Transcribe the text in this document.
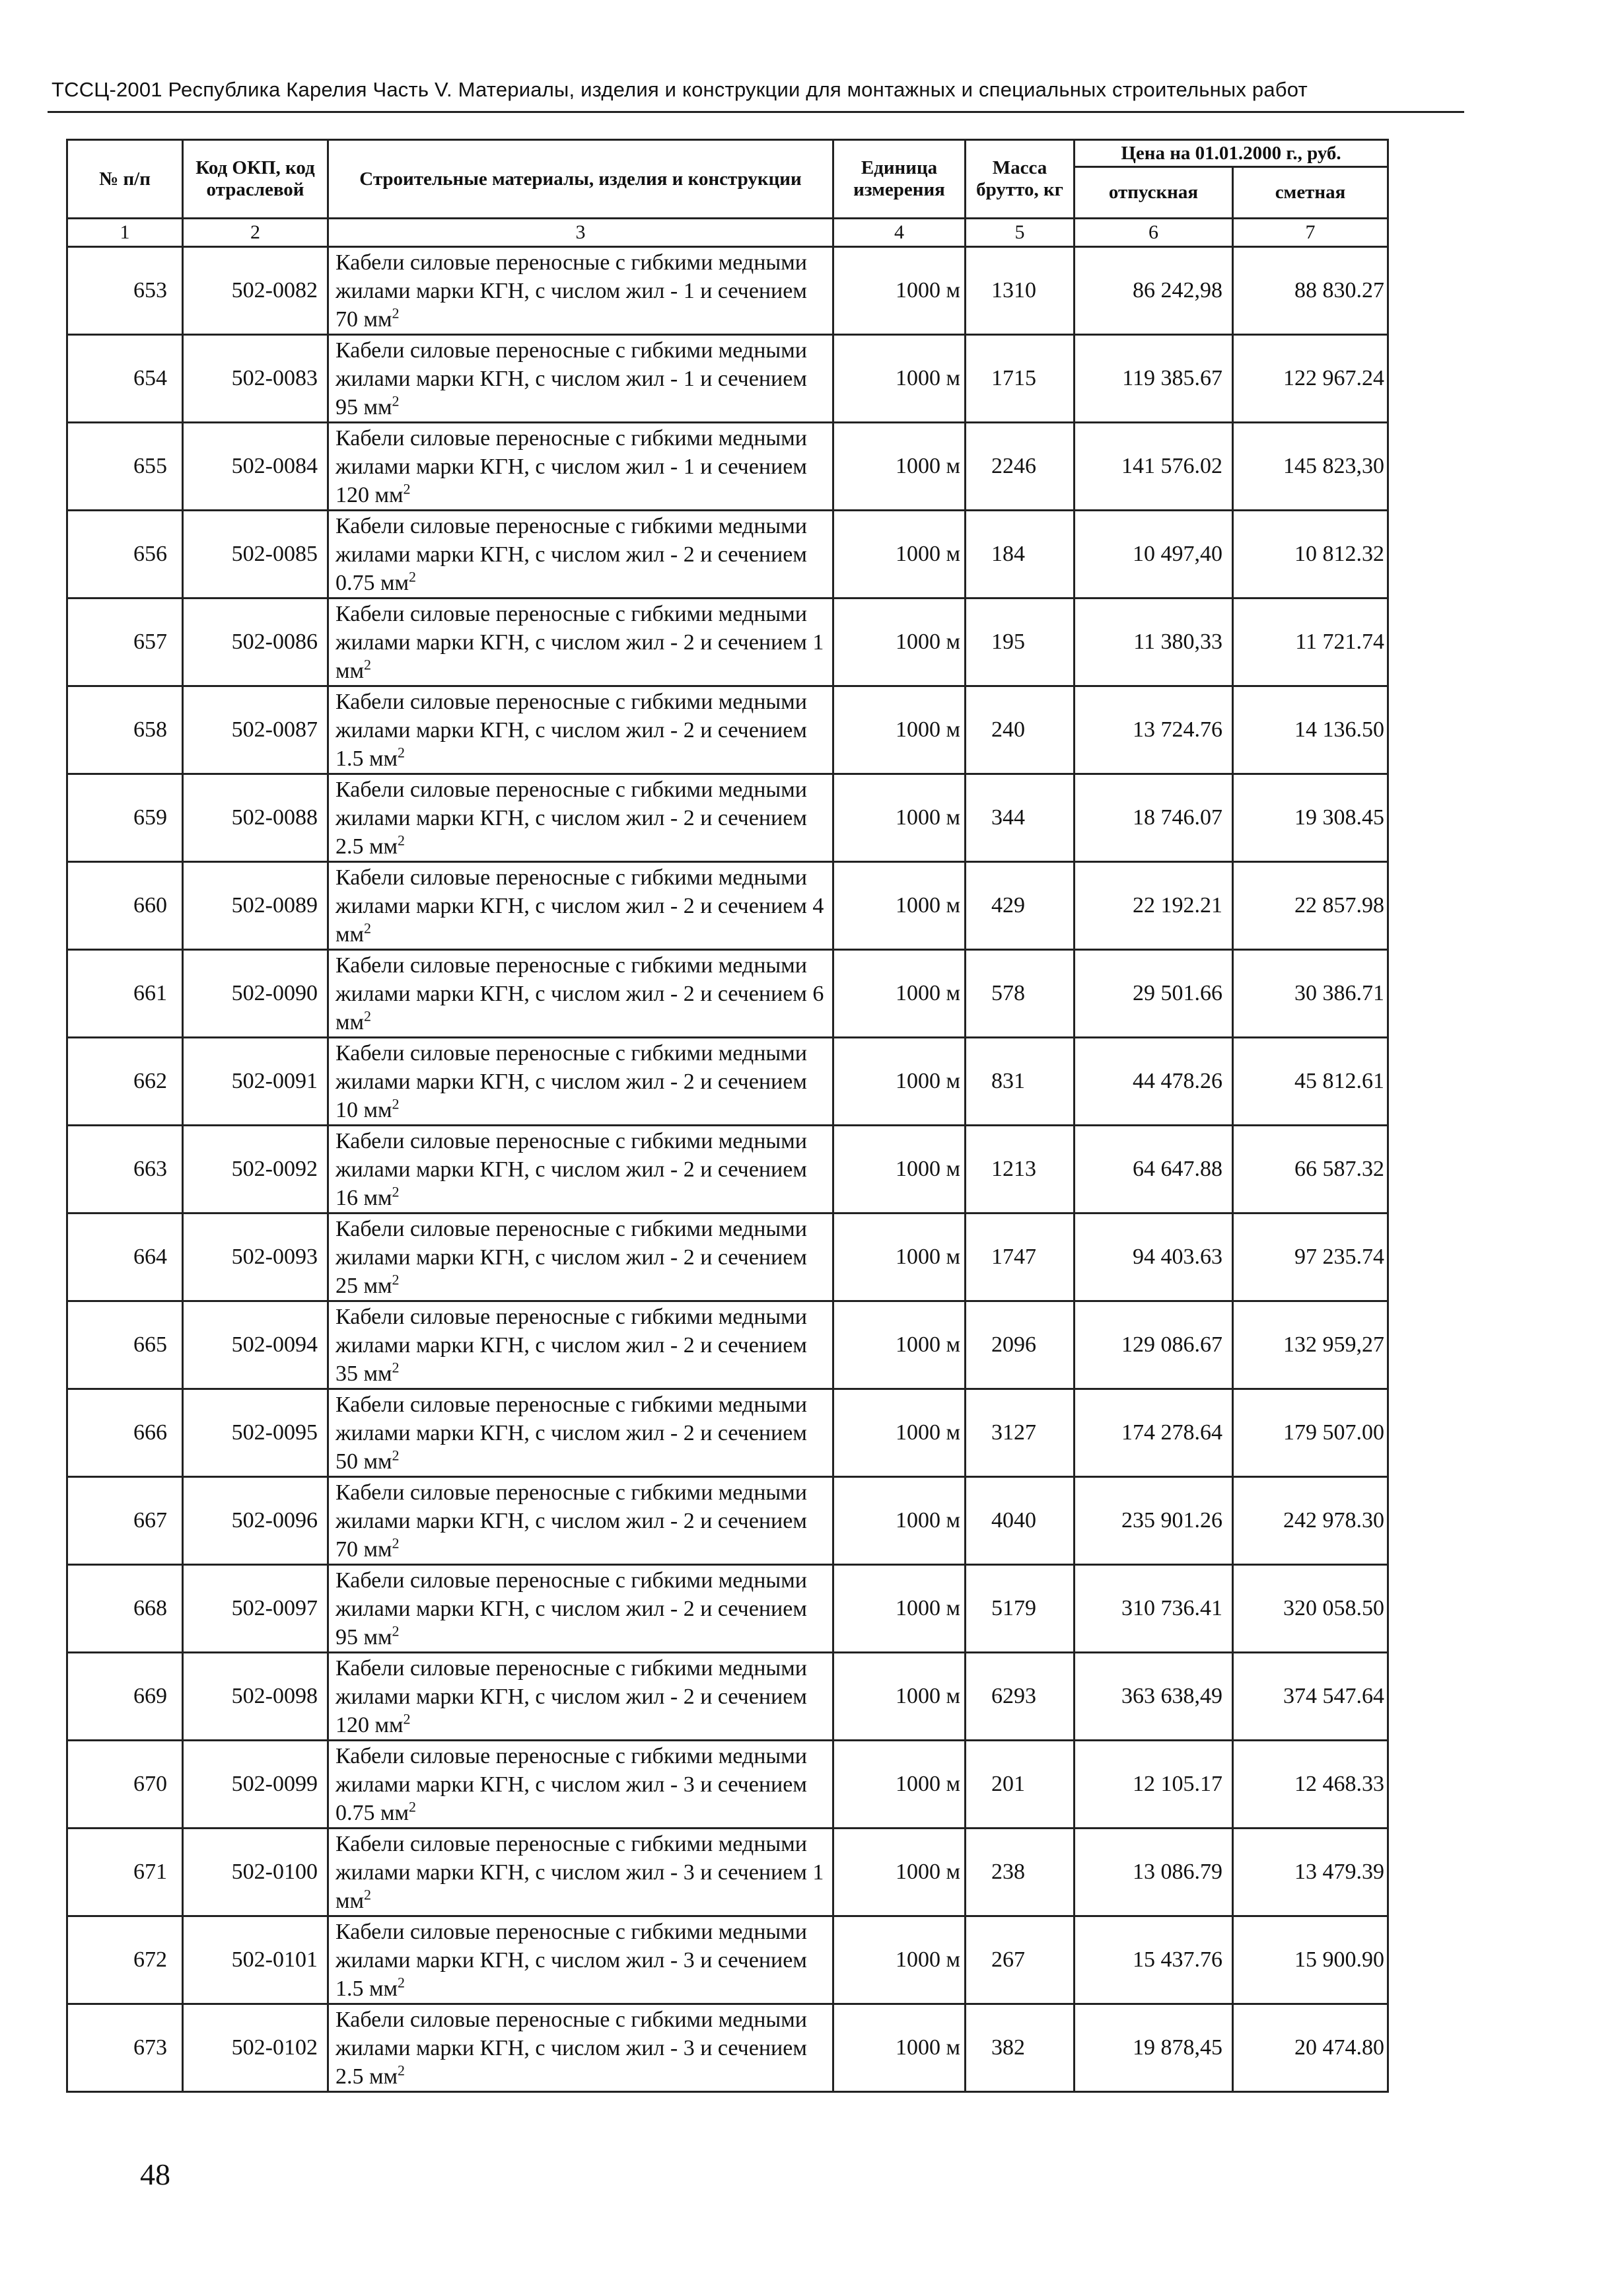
ТССЦ-2001 Республика Карелия Часть V. Материалы, изделия и конструкции для монтажных и специальных строительных работ
№ п/п	Код ОКП, код отраслевой	Строительные материалы, изделия и конструкции	Единица измерения	Масса брутто, кг	Цена на 01.01.2000 г., руб.	
					отпускная	сметная
1	2	3	4	5	6	7
653	502-0082	Кабели силовые переносные с гибкими медными жилами марки КГН, с числом жил - 1 и сечением 70 $мм^2$	1000 м	1310	86 242,98	88 830.27
654	502-0083	Кабели силовые переносные с гибкими медными жилами марки КГН, с числом жил - 1 и сечением 95 $мм^2$	1000 м	1715	119 385.67	122 967.24
655	502-0084	Кабели силовые переносные с гибкими медными жилами марки КГН, с числом жил - 1 и сечением 120 $мм^2$	1000 м	2246	141 576.02	145 823,30
656	502-0085	Кабели силовые переносные с гибкими медными жилами марки КГН, с числом жил - 2 и сечением 0.75 $мм^2$	1000 м	184	10 497,40	10 812.32
657	502-0086	Кабели силовые переносные с гибкими медными жилами марки КГН, с числом жил - 2 и сечением 1 $мм^2$	1000 м	195	11 380,33	11 721.74
658	502-0087	Кабели силовые переносные с гибкими медными жилами марки КГН, с числом жил - 2 и сечением 1.5 $мм^2$	1000 м	240	13 724.76	14 136.50
659	502-0088	Кабели силовые переносные с гибкими медными жилами марки КГН, с числом жил - 2 и сечением 2.5 $мм^2$	1000 м	344	18 746.07	19 308.45
660	502-0089	Кабели силовые переносные с гибкими медными жилами марки КГН, с числом жил - 2 и сечением 4 $мм^2$	1000 м	429	22 192.21	22 857.98
661	502-0090	Кабели силовые переносные с гибкими медными жилами марки КГН, с числом жил - 2 и сечением 6 $мм^2$	1000 м	578	29 501.66	30 386.71
662	502-0091	Кабели силовые переносные с гибкими медными жилами марки КГН, с числом жил - 2 и сечением 10 $мм^2$	1000 м	831	44 478.26	45 812.61
663	502-0092	Кабели силовые переносные с гибкими медными жилами марки КГН, с числом жил - 2 и сечением 16 $мм^2$	1000 м	1213	64 647.88	66 587.32
664	502-0093	Кабели силовые переносные с гибкими медными жилами марки КГН, с числом жил - 2 и сечением 25 $мм^2$	1000 м	1747	94 403.63	97 235.74
665	502-0094	Кабели силовые переносные с гибкими медными жилами марки КГН, с числом жил - 2 и сечением 35 $мм^2$	1000 м	2096	129 086.67	132 959,27
666	502-0095	Кабели силовые переносные с гибкими медными жилами марки КГН, с числом жил - 2 и сечением 50 $мм^2$	1000 м	3127	174 278.64	179 507.00
667	502-0096	Кабели силовые переносные с гибкими медными жилами марки КГН, с числом жил - 2 и сечением 70 $мм^2$	1000 м	4040	235 901.26	242 978.30
668	502-0097	Кабели силовые переносные с гибкими медными жилами марки КГН, с числом жил - 2 и сечением 95 $мм^2$	1000 м	5179	310 736.41	320 058.50
669	502-0098	Кабели силовые переносные с гибкими медными жилами марки КГН, с числом жил - 2 и сечением 120 $мм^2$	1000 м	6293	363 638,49	374 547.64
670	502-0099	Кабели силовые переносные с гибкими медными жилами марки КГН, с числом жил - 3 и сечением 0.75 $мм^2$	1000 м	201	12 105.17	12 468.33
671	502-0100	Кабели силовые переносные с гибкими медными жилами марки КГН, с числом жил - 3 и сечением 1 $мм^2$	1000 м	238	13 086.79	13 479.39
672	502-0101	Кабели силовые переносные с гибкими медными жилами марки КГН, с числом жил - 3 и сечением 1.5 $мм^2$	1000 м	267	15 437.76	15 900.90
673	502-0102	Кабели силовые переносные с гибкими медными жилами марки КГН, с числом жил - 3 и сечением 2.5 $мм^2$	1000 м	382	19 878,45	20 474.80
48
